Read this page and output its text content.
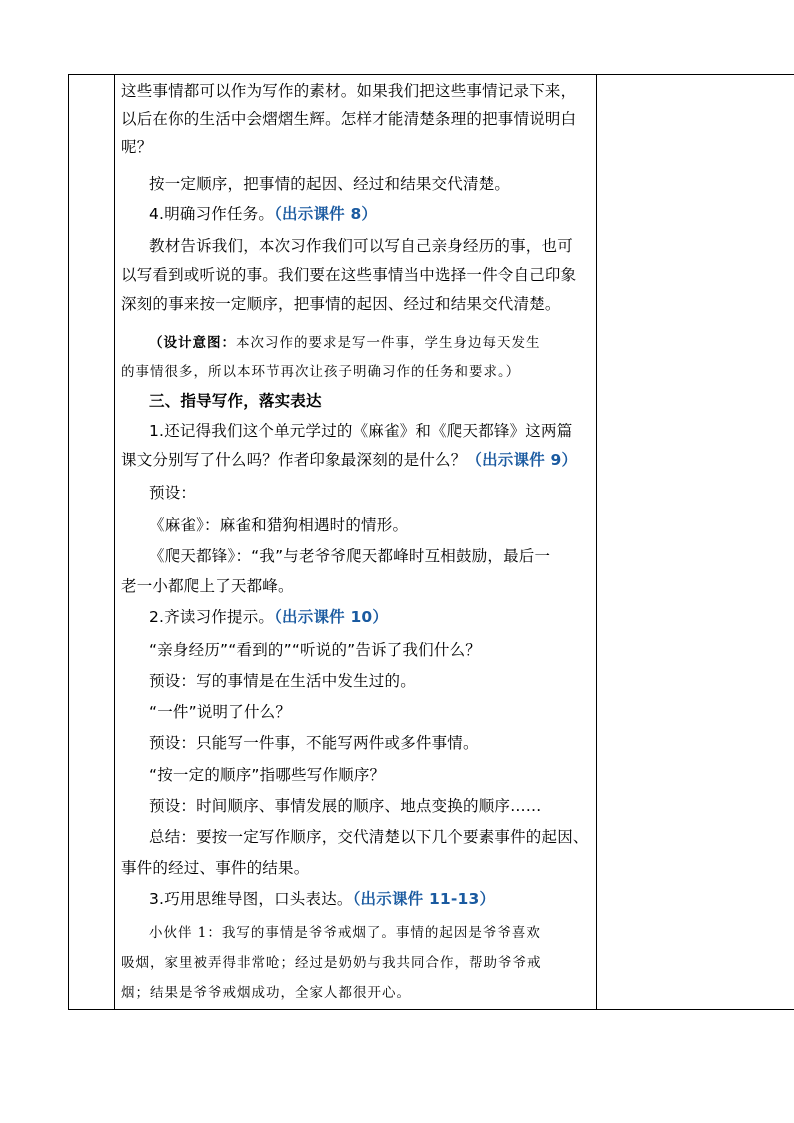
这些事情都可以作为写作的素材。如果我们把这些事情记录下来，
以后在你的生活中会熠熠生辉。怎样才能清楚条理的把事情说明白
呢？
按一定顺序，把事情的起因、经过和结果交代清楚。
4.明确习作任务。（出示课件 8）
教材告诉我们，本次习作我们可以写自己亲身经历的事，也可
以写看到或听说的事。我们要在这些事情当中选择一件令自己印象
深刻的事来按一定顺序，把事情的起因、经过和结果交代清楚。
（设计意图：本次习作的要求是写一件事，学生身边每天发生
的事情很多，所以本环节再次让孩子明确习作的任务和要求。）
三、指导写作，落实表达
1.还记得我们这个单元学过的《麻雀》和《爬天都锋》这两篇
课文分别写了什么吗？作者印象最深刻的是什么？（出示课件 9）
预设：
《麻雀》：麻雀和猎狗相遇时的情形。
《爬天都锋》：“我”与老爷爷爬天都峰时互相鼓励，最后一
老一小都爬上了天都峰。
2.齐读习作提示。（出示课件 10）
“亲身经历”“看到的”“听说的”告诉了我们什么？
预设：写的事情是在生活中发生过的。
“一件”说明了什么？
预设：只能写一件事，不能写两件或多件事情。
“按一定的顺序”指哪些写作顺序？
预设：时间顺序、事情发展的顺序、地点变换的顺序……
总结：要按一定写作顺序，交代清楚以下几个要素事件的起因、
事件的经过、事件的结果。
3.巧用思维导图，口头表达。（出示课件 11-13）
小伙伴 1：我写的事情是爷爷戒烟了。事情的起因是爷爷喜欢
吸烟，家里被弄得非常呛；经过是奶奶与我共同合作，帮助爷爷戒
烟；结果是爷爷戒烟成功，全家人都很开心。
